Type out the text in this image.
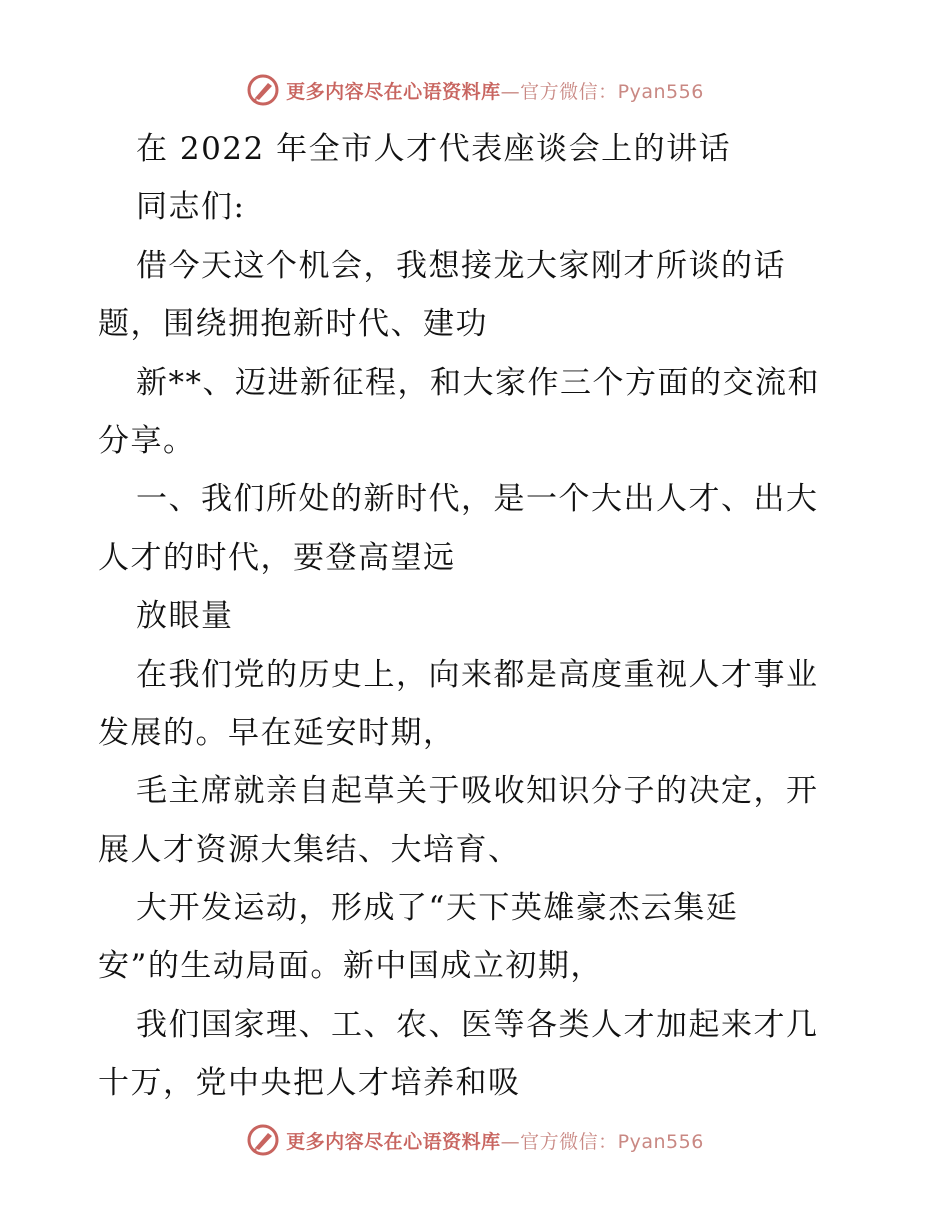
更多内容尽在心语资料库—官方微信：Pyan556
在 2022 年全市人才代表座谈会上的讲话
同志们:
借今天这个机会，我想接龙大家刚才所谈的话
题，围绕拥抱新时代、建功
新**、迈进新征程，和大家作三个方面的交流和
分享。
一、我们所处的新时代，是一个大出人才、出大
人才的时代，要登高望远
放眼量
在我们党的历史上，向来都是高度重视人才事业
发展的。早在延安时期，
毛主席就亲自起草关于吸收知识分子的决定，开
展人才资源大集结、大培育、
大开发运动，形成了“天下英雄豪杰云集延
安”的生动局面。新中国成立初期，
我们国家理、工、农、医等各类人才加起来才几
十万，党中央把人才培养和吸
更多内容尽在心语资料库—官方微信：Pyan556
